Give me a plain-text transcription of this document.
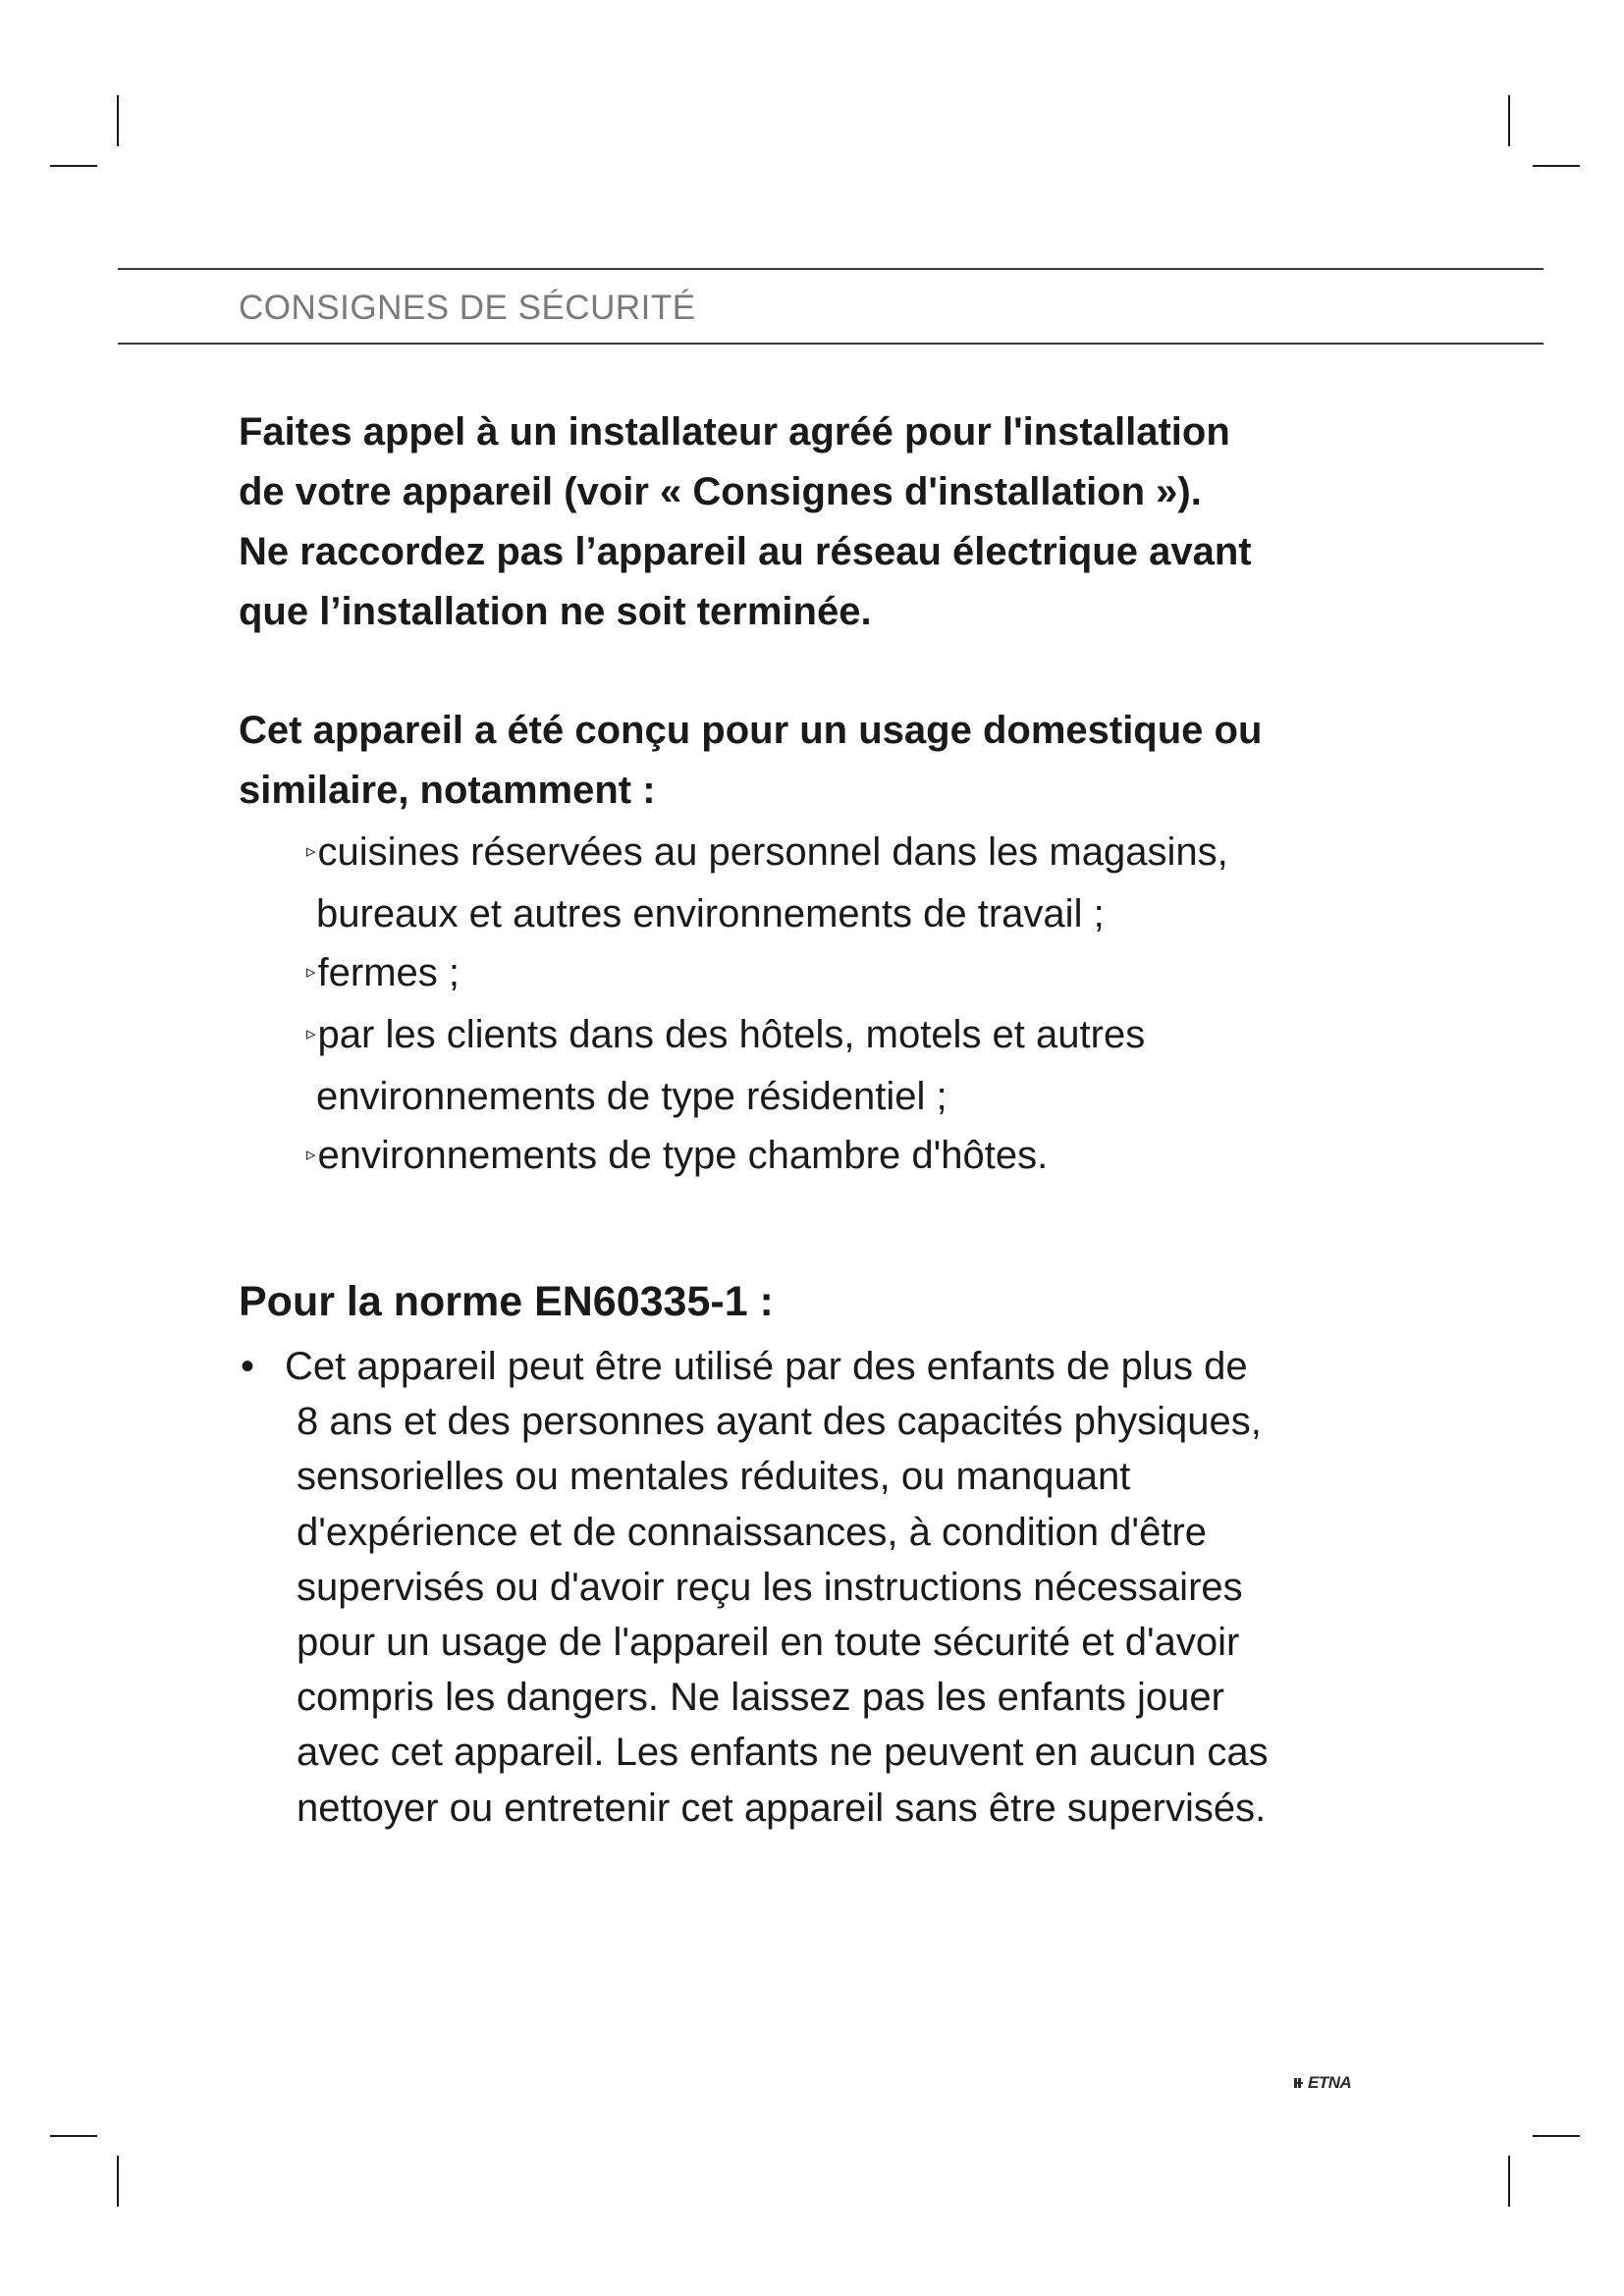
CONSIGNES DE SÉCURITÉ

Faites appel à un installateur agréé pour l'installation

de votre appareil (voir « Consignes d'installation »).

Ne raccordez pas l’appareil au réseau électrique avant

que l’installation ne soit terminée.

Cet appareil a été conçu pour un usage domestique ou

similaire, notamment :

▹cuisines réservées au personnel dans les magasins,

bureaux et autres environnements de travail ;

▹fermes ;

▹par les clients dans des hôtels, motels et autres

environnements de type résidentiel ;

▹environnements de type chambre d'hôtes.

Pour la norme EN60335-1 :
• Cet appareil peut être utilisé par des enfants de plus de

8 ans et des personnes ayant des capacités physiques,

sensorielles ou mentales réduites, ou manquant

d'expérience et de connaissances, à condition d'être

supervisés ou d'avoir reçu les instructions nécessaires

pour un usage de l'appareil en toute sécurité et d'avoir

compris les dangers. Ne laissez pas les enfants jouer

avec cet appareil. Les enfants ne peuvent en aucun cas

nettoyer ou entretenir cet appareil sans être supervisés.

ETNA
